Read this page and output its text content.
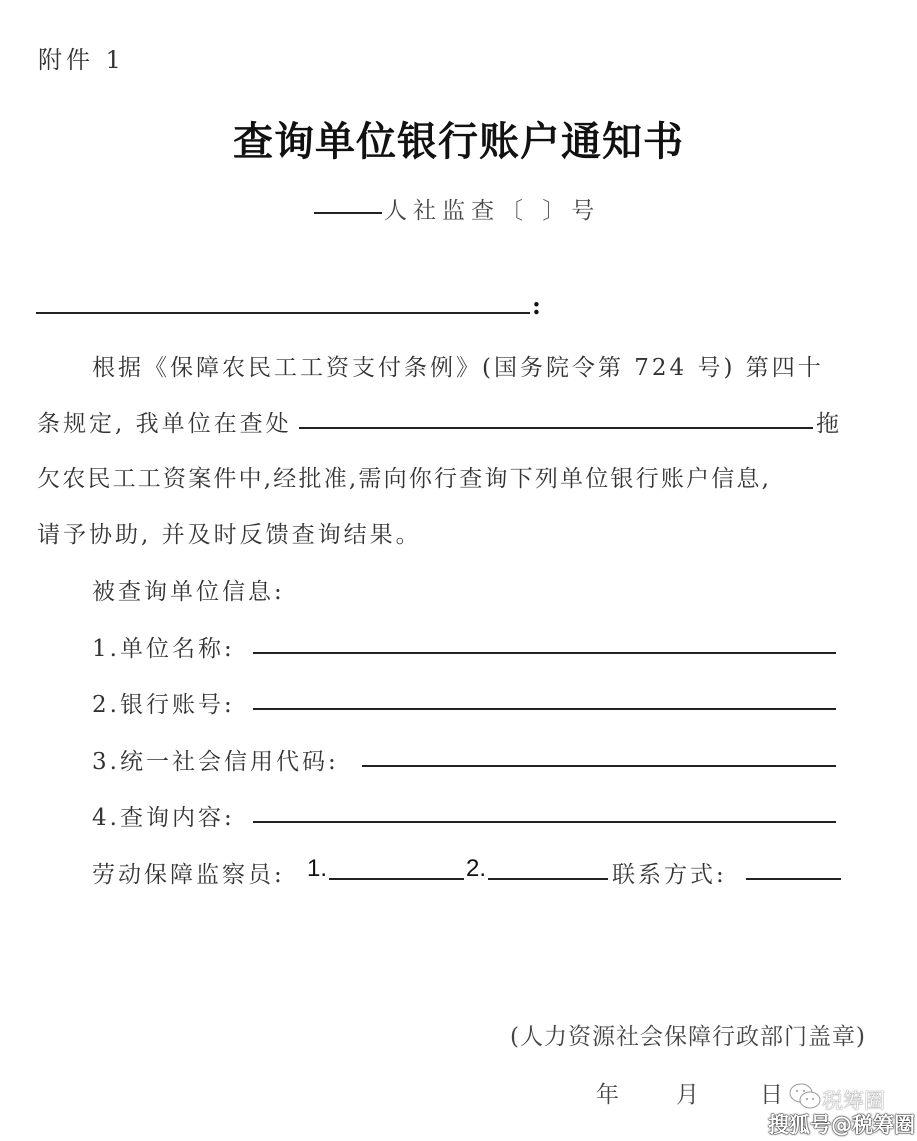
附件 1
查询单位银行账户通知书
人社监查〔 〕号
:
根据《保障农民工工资支付条例》(国务院令第 724 号) 第四十
条规定, 我单位在查处	拖
欠农民工工资案件中,经批准,需向你行查询下列单位银行账户信息,
请予协助, 并及时反馈查询结果。
被查询单位信息:
1.单位名称:
2.银行账号:
3.统一社会信用代码:
4.查询内容:
劳动保障监察员: 1.	2.	联系方式:
(人力资源社会保障行政部门盖章)
年 月	日 税筹圈
搜狐号@税筹圈
